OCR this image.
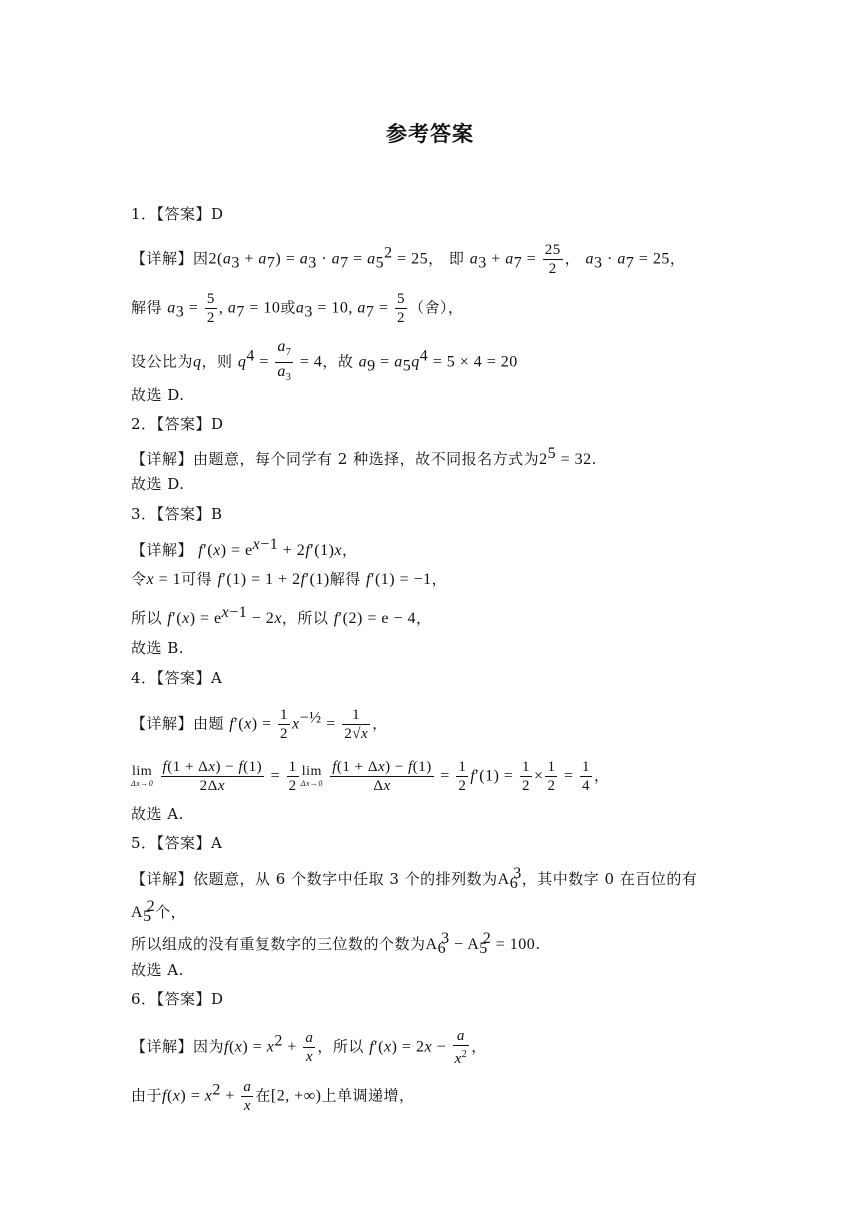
参考答案
1．【答案】D
【详解】因$2(a_3 + a_7) = a_3 \cdot a_7 = a_5^2 = 25$， 即 $a_3 + a_7 = \frac{25}{2}$ ， $a_3 \cdot a_7 = 25$，
解得 $a_3 = \frac{5}{2}$ , $a_7 = 10$或$a_3 = 10$, $a_7 = \frac{5}{2}$ （舍），
设公比为q，则 $q^4 = \frac{a_7}{a_3} = 4$，故 $a_9 = a_5q^4 = 5 \times 4 = 20$
故选 D.
2．【答案】D
【详解】由题意，每个同学有 2 种选择，故不同报名方式为$2^5 = 32$.
故选 D.
3．【答案】B
【详解】 $f'(x) = e^{x-1} + 2f'(1)x$，
令x = 1可得 f′(1) = 1 + 2f′(1)解得 f′(1) = −1，
所以 $f'(x) = e^{x-1} - 2x$，所以 f′(2) = e − 4，
故选 B.
4．【答案】A
【详解】由题 $f'(x) = \frac{1}{2} x^{-\frac{1}{2}} = \frac{1}{2√x}$ ，
lim
Δx→0
$\frac{f(1 + \Delta x) - f(1)}{2\Delta x} = \frac{1}{2}$ lim
Δx→0
$\frac{f(1 + \Delta x) - f(1)}{\Delta x} = \frac{1}{2} f'(1) = \frac{1}{2} \times \frac{1}{2} = \frac{1}{4}$ ，
故选 A.
5．【答案】A
【详解】依题意，从 6 个数字中任取 3 个的排列数为$A_6^3$，其中数字 0 在百位的有
$A_5^2$个，
所以组成的没有重复数字的三位数的个数为$A_6^3 - A_5^2 = 100$.
故选 A.
6．【答案】D
【详解】因为$f(x) = x^2 + \frac{a}{x}$ ，所以 $f'(x) = 2x - \frac{a}{x^2}$ ，
由于$f(x) = x^2 + \frac{a}{x}$ 在[2, +∞)上单调递增，
